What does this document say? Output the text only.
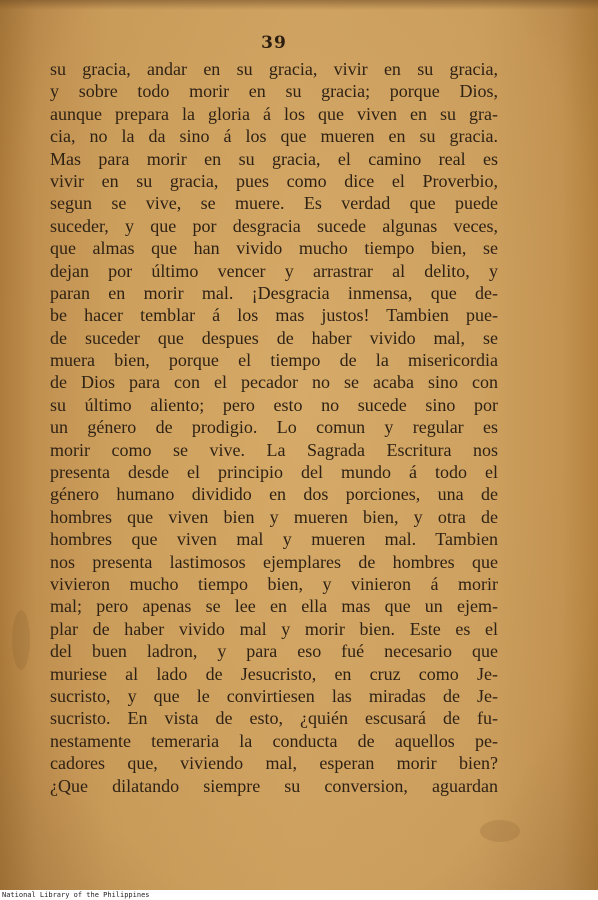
39
su gracia, andar en su gracia, vivir en su gracia,
y sobre todo morir en su gracia; porque Dios,
aunque prepara la gloria á los que viven en su gra-
cia, no la da sino á los que mueren en su gracia.
Mas para morir en su gracia, el camino real es
vivir en su gracia, pues como dice el Proverbio,
segun se vive, se muere. Es verdad que puede
suceder, y que por desgracia sucede algunas veces,
que almas que han vivido mucho tiempo bien, se
dejan por último vencer y arrastrar al delito, y
paran en morir mal. ¡Desgracia inmensa, que de-
be hacer temblar á los mas justos! Tambien pue-
de suceder que despues de haber vivido mal, se
muera bien, porque el tiempo de la misericordia
de Dios para con el pecador no se acaba sino con
su último aliento; pero esto no sucede sino por
un género de prodigio. Lo comun y regular es
morir como se vive. La Sagrada Escritura nos
presenta desde el principio del mundo á todo el
género humano dividido en dos porciones, una de
hombres que viven bien y mueren bien, y otra de
hombres que viven mal y mueren mal. Tambien
nos presenta lastimosos ejemplares de hombres que
vivieron mucho tiempo bien, y vinieron á morir
mal; pero apenas se lee en ella mas que un ejem-
plar de haber vivido mal y morir bien. Este es el
del buen ladron, y para eso fué necesario que
muriese al lado de Jesucristo, en cruz como Je-
sucristo, y que le convirtiesen las miradas de Je-
sucristo. En vista de esto, ¿quién escusará de fu-
nestamente temeraria la conducta de aquellos pe-
cadores que, viviendo mal, esperan morir bien?
¿Que dilatando siempre su conversion, aguardan
National Library of the Philippines
